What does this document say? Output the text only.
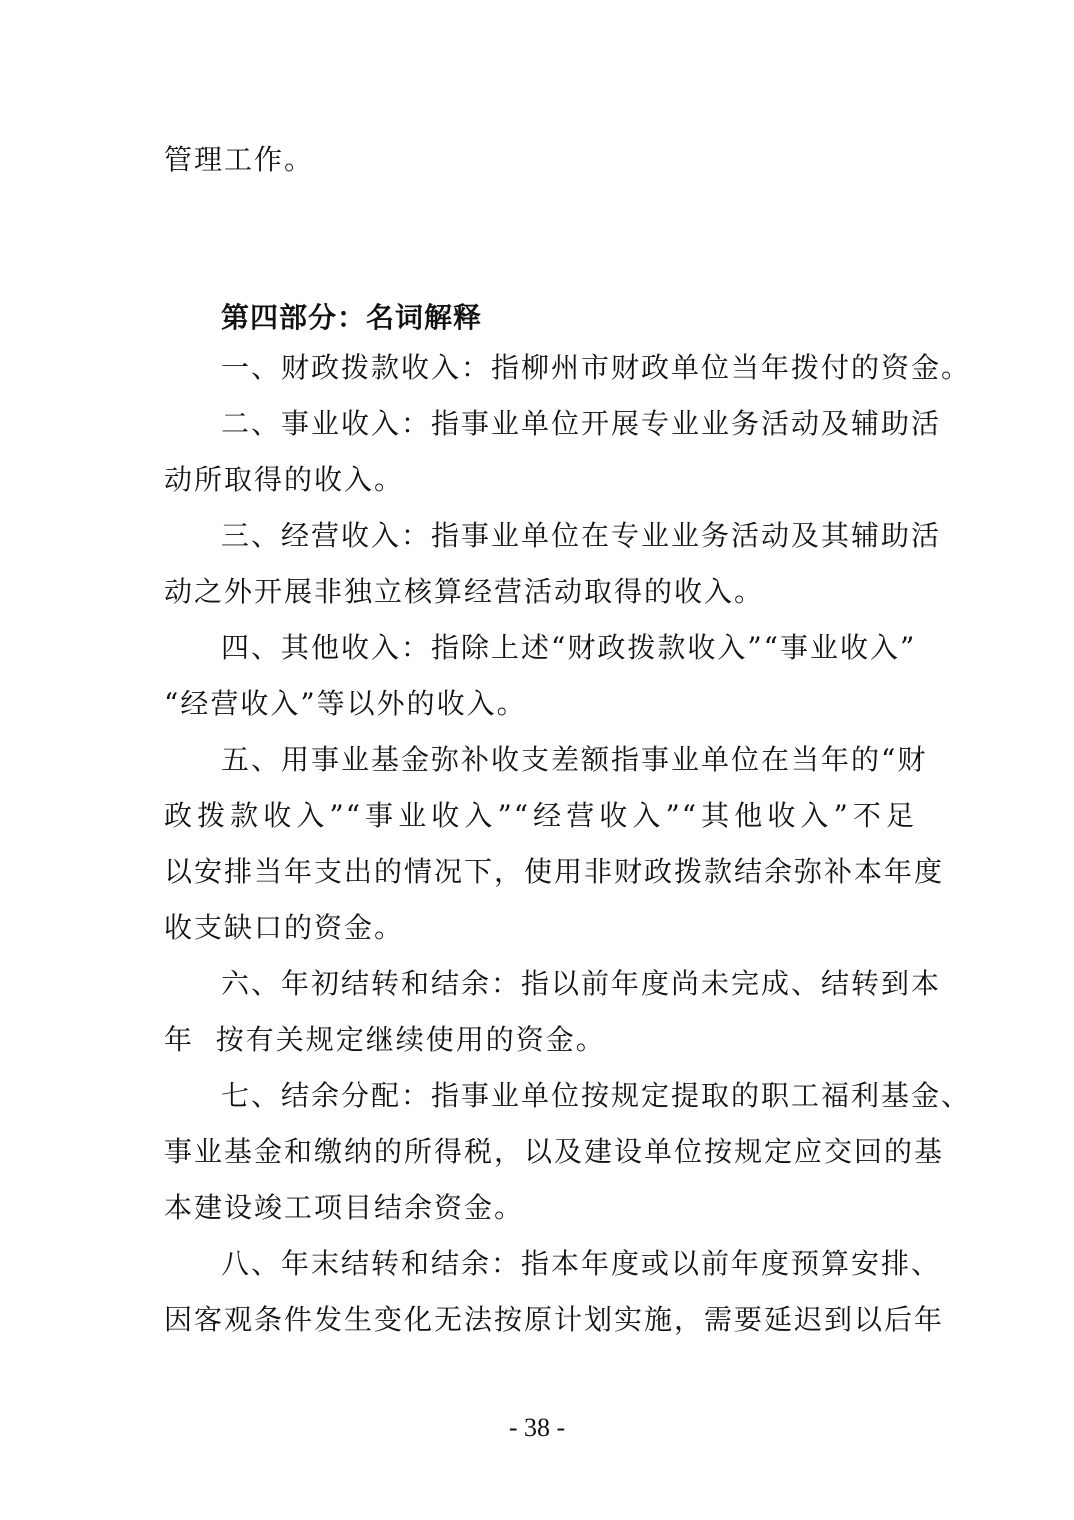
管理工作。
第四部分：名词解释
一、财政拨款收入：指柳州市财政单位当年拨付的资金。
二、事业收入：指事业单位开展专业业务活动及辅助活
动所取得的收入。
三、经营收入：指事业单位在专业业务活动及其辅助活
动之外开展非独立核算经营活动取得的收入。
四、其他收入：指除上述“财政拨款收入”“事业收入”
“经营收入”等以外的收入。
五、用事业基金弥补收支差额指事业单位在当年的“财
政拨款收入”“事业收入”“经营收入”“其他收入”不足
以安排当年支出的情况下，使用非财政拨款结余弥补本年度
收支缺口的资金。
六、年初结转和结余：指以前年度尚未完成、结转到本
年  按有关规定继续使用的资金。
七、结余分配：指事业单位按规定提取的职工福利基金、
事业基金和缴纳的所得税，以及建设单位按规定应交回的基
本建设竣工项目结余资金。
八、年末结转和结余：指本年度或以前年度预算安排、
因客观条件发生变化无法按原计划实施，需要延迟到以后年
- 38 -
